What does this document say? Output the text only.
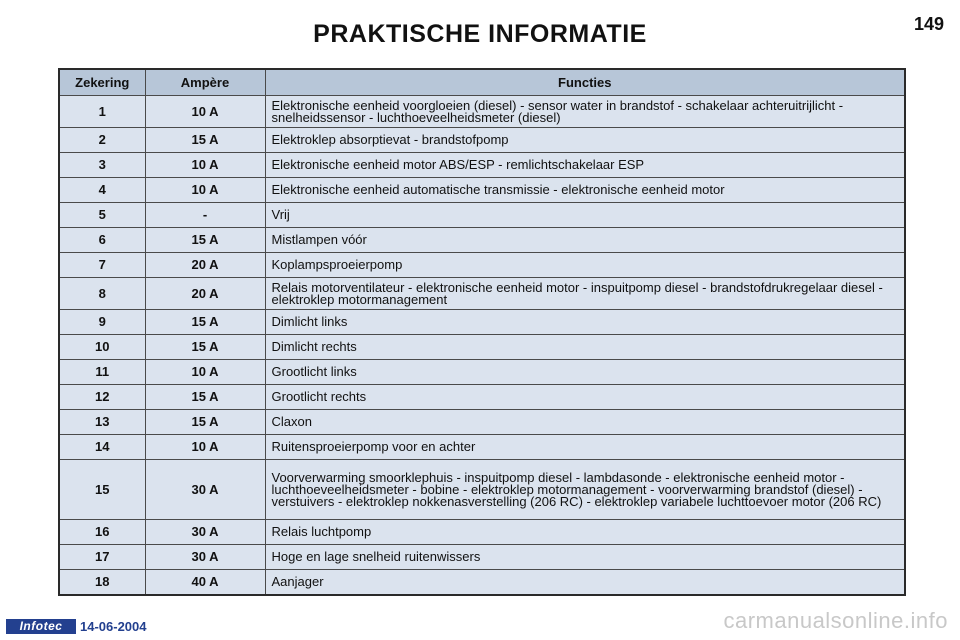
PRAKTISCHE INFORMATIE	149
Zekering	Ampère	Functies
1	10 A	Elektronische eenheid voorgloeien (diesel) - sensor water in brandstof - schakelaar achteruitrijlicht - snelheidssensor - luchthoeveelheidsmeter (diesel)
2	15 A	Elektroklep absorptievat - brandstofpomp
3	10 A	Elektronische eenheid motor ABS/ESP - remlichtschakelaar ESP
4	10 A	Elektronische eenheid automatische transmissie - elektronische eenheid motor
5	-	Vrij
6	15 A	Mistlampen vóór
7	20 A	Koplampsproeierpomp
8	20 A	Relais motorventilateur - elektronische eenheid motor - inspuitpomp diesel - brandstofdrukregelaar diesel - elektroklep motormanagement
9	15 A	Dimlicht links
10	15 A	Dimlicht rechts
11	10 A	Grootlicht links
12	15 A	Grootlicht rechts
13	15 A	Claxon
14	10 A	Ruitensproeierpomp voor en achter
15	30 A	Voorverwarming smoorklephuis - inspuitpomp diesel - lambdasonde - elektronische eenheid motor - luchthoeveelheidsmeter - bobine - elektroklep motormanagement - voorverwarming brandstof (diesel) - verstuivers - elektroklep nokkenasverstelling (206 RC) - elektroklep variabele luchttoevoer motor (206 RC)
16	30 A	Relais luchtpomp
17	30 A	Hoge en lage snelheid ruitenwissers
18	40 A	Aanjager
Infotec	14-06-2004	carmanualsonline.info
